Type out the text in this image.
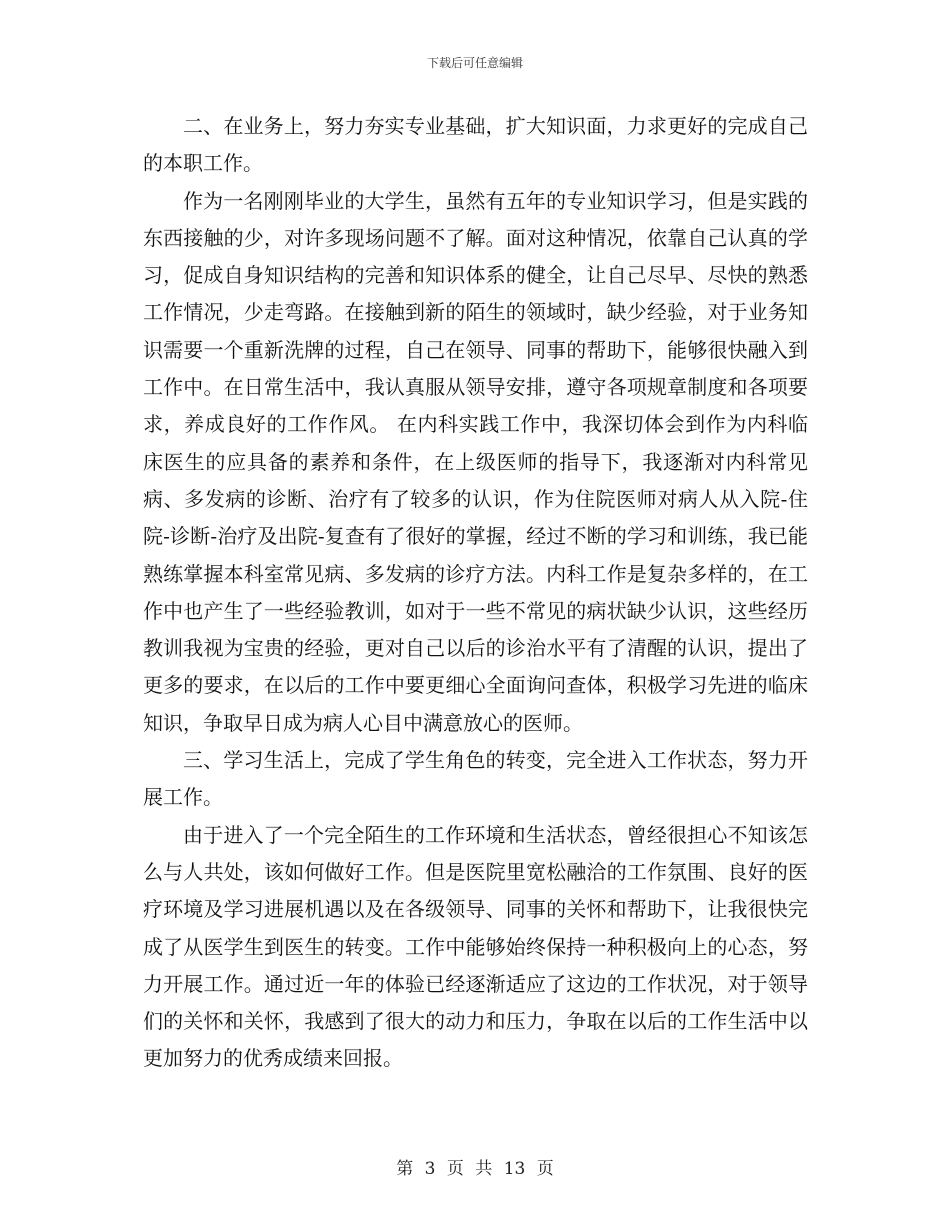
下载后可任意编辑

二、在业务上，努力夯实专业基础，扩大知识面，力求更好的完成自己的本职工作。

作为一名刚刚毕业的大学生，虽然有五年的专业知识学习，但是实践的东西接触的少，对许多现场问题不了解。面对这种情况，依靠自己认真的学习，促成自身知识结构的完善和知识体系的健全，让自己尽早、尽快的熟悉工作情况，少走弯路。在接触到新的陌生的领域时，缺少经验，对于业务知识需要一个重新洗牌的过程，自己在领导、同事的帮助下，能够很快融入到工作中。在日常生活中，我认真服从领导安排，遵守各项规章制度和各项要求，养成良好的工作作风。 在内科实践工作中，我深切体会到作为内科临床医生的应具备的素养和条件，在上级医师的指导下，我逐渐对内科常见病、多发病的诊断、治疗有了较多的认识，作为住院医师对病人从入院-住院-诊断-治疗及出院-复查有了很好的掌握，经过不断的学习和训练，我已能熟练掌握本科室常见病、多发病的诊疗方法。内科工作是复杂多样的，在工作中也产生了一些经验教训，如对于一些不常见的病状缺少认识，这些经历教训我视为宝贵的经验，更对自己以后的诊治水平有了清醒的认识，提出了更多的要求，在以后的工作中要更细心全面询问查体，积极学习先进的临床知识，争取早日成为病人心目中满意放心的医师。

三、学习生活上，完成了学生角色的转变，完全进入工作状态，努力开展工作。

由于进入了一个完全陌生的工作环境和生活状态，曾经很担心不知该怎么与人共处，该如何做好工作。但是医院里宽松融洽的工作氛围、良好的医疗环境及学习进展机遇以及在各级领导、同事的关怀和帮助下，让我很快完成了从医学生到医生的转变。工作中能够始终保持一种积极向上的心态，努力开展工作。通过近一年的体验已经逐渐适应了这边的工作状况，对于领导们的关怀和关怀，我感到了很大的动力和压力，争取在以后的工作生活中以更加努力的优秀成绩来回报。

第 3 页 共 13 页
